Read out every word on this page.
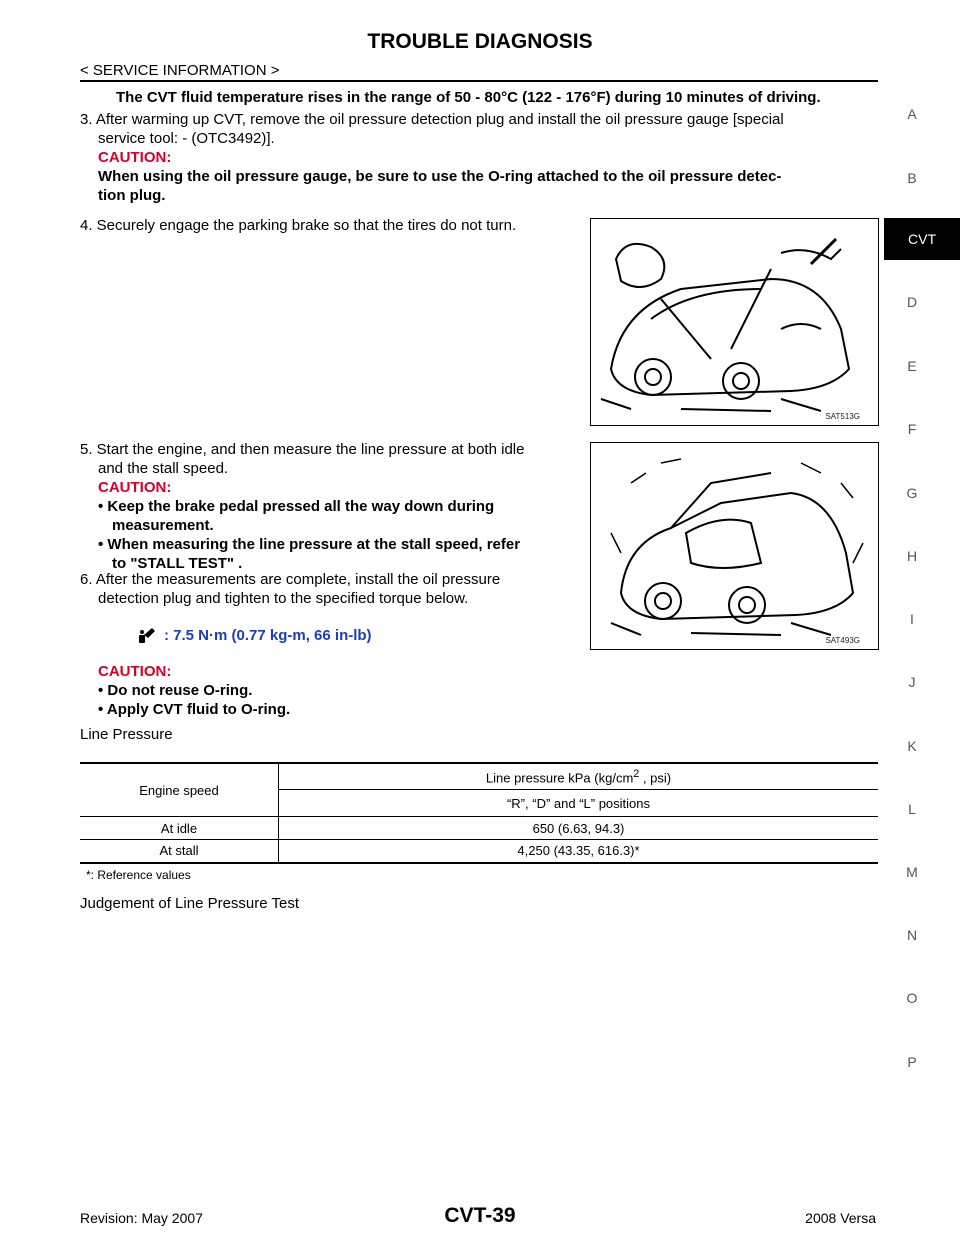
TROUBLE DIAGNOSIS
< SERVICE INFORMATION >
A
B
CVT
D
E
F
G
H
I
J
K
L
M
N
O
P
The CVT fluid temperature rises in the range of 50 - 80°C (122 - 176°F) during 10 minutes of driving.
3. After warming up CVT, remove the oil pressure detection plug and install the oil pressure gauge [special
service tool: - (OTC3492)].
CAUTION:
When using the oil pressure gauge, be sure to use the O-ring attached to the oil pressure detec-
tion plug.
4. Securely engage the parking brake so that the tires do not turn.
SAT513G
5. Start the engine, and then measure the line pressure at both idle
and the stall speed.
CAUTION:
• Keep the brake pedal pressed all the way down during
measurement.
• When measuring the line pressure at the stall speed, refer
to "STALL TEST" .
SAT493G
6. After the measurements are complete, install the oil pressure
detection plug and tighten to the specified torque below.
: 7.5 N·m (0.77 kg-m, 66 in-lb)
CAUTION:
• Do not reuse O-ring.
• Apply CVT fluid to O-ring.
Line Pressure
Engine speed	Line pressure kPa ($kg/cm^2$ , psi)
	“R”, “D” and “L” positions
At idle	650 (6.63, 94.3)
At stall	4,250 (43.35, 616.3)*
*: Reference values
Judgement of Line Pressure Test
Revision: May 2007	CVT-39	2008 Versa
